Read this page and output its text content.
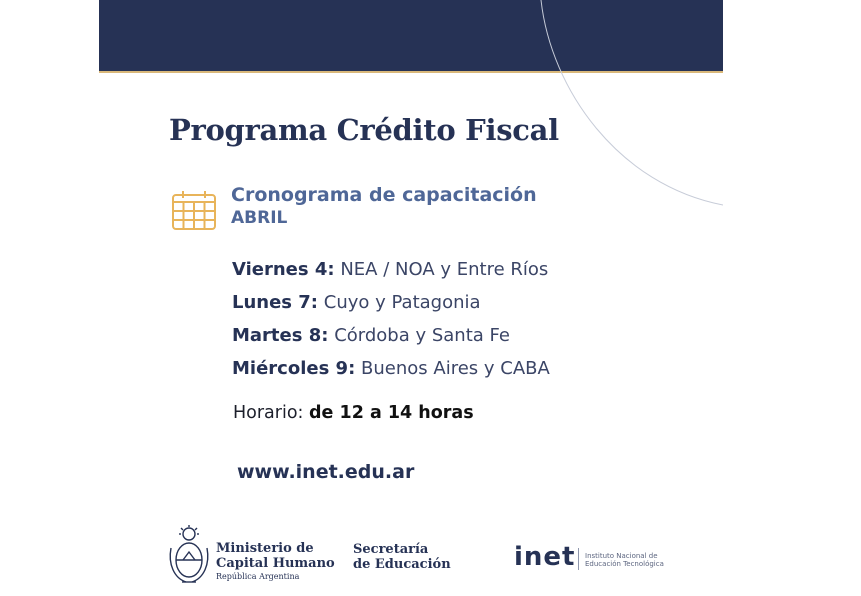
Programa Crédito Fiscal
Cronograma de capacitación
ABRIL
Viernes 4: NEA / NOA y Entre Ríos
Lunes 7: Cuyo y Patagonia
Martes 8: Córdoba y Santa Fe
Miércoles 9: Buenos Aires y CABA
Horario: de 12 a 14 horas
www.inet.edu.ar
Ministerio de
Capital Humano
República Argentina
Secretaría
de Educación inet Instituto Nacional de
Educación Tecnológica
